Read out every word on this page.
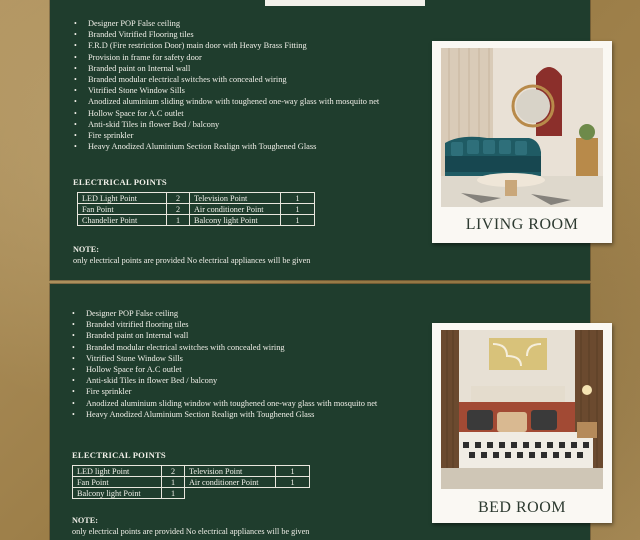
• Designer POP False ceiling
• Branded Vitrified Flooring tiles
• F.R.D (Fire restriction Door) main door with Heavy Brass Fitting
• Provision in frame for safety door
• Branded paint on Internal wall
• Branded modular electrical switches with concealed wiring
• Vitrified Stone Window Sills
• Anodized aluminium sliding window with toughened one-way glass with mosquito net
• Hollow Space for A.C outlet
• Anti-skid Tiles in flower Bed / balcony
• Fire sprinkler
• Heavy Anodized Aluminium Section Realign with Toughened Glass
ELECTRICAL POINTS
LED Light Point	2	Television Point	1
Fan Point	2	Air conditioner Point	1
Chandelier Point	1	Balcony light Point	1
NOTE:
only electrical points are provided No electrical appliances will be given
• Designer POP False ceiling
• Branded vitrified flooring tiles
• Branded paint on Internal wall
• Branded modular electrical switches with concealed wiring
• Vitrified Stone Window Sills
• Hollow Space for A.C outlet
• Anti-skid Tiles in flower Bed / balcony
• Fire sprinkler
• Anodized aluminium sliding window with toughened one-way glass with mosquito net
• Heavy Anodized Aluminium Section Realign with Toughened Glass
ELECTRICAL POINTS
LED light Point	2	Television Point	1
Fan Point	1	Air conditioner Point	1
Balcony light Point	1		
NOTE:
only electrical points are provided No electrical appliances will be given
LIVING ROOM
BED ROOM
